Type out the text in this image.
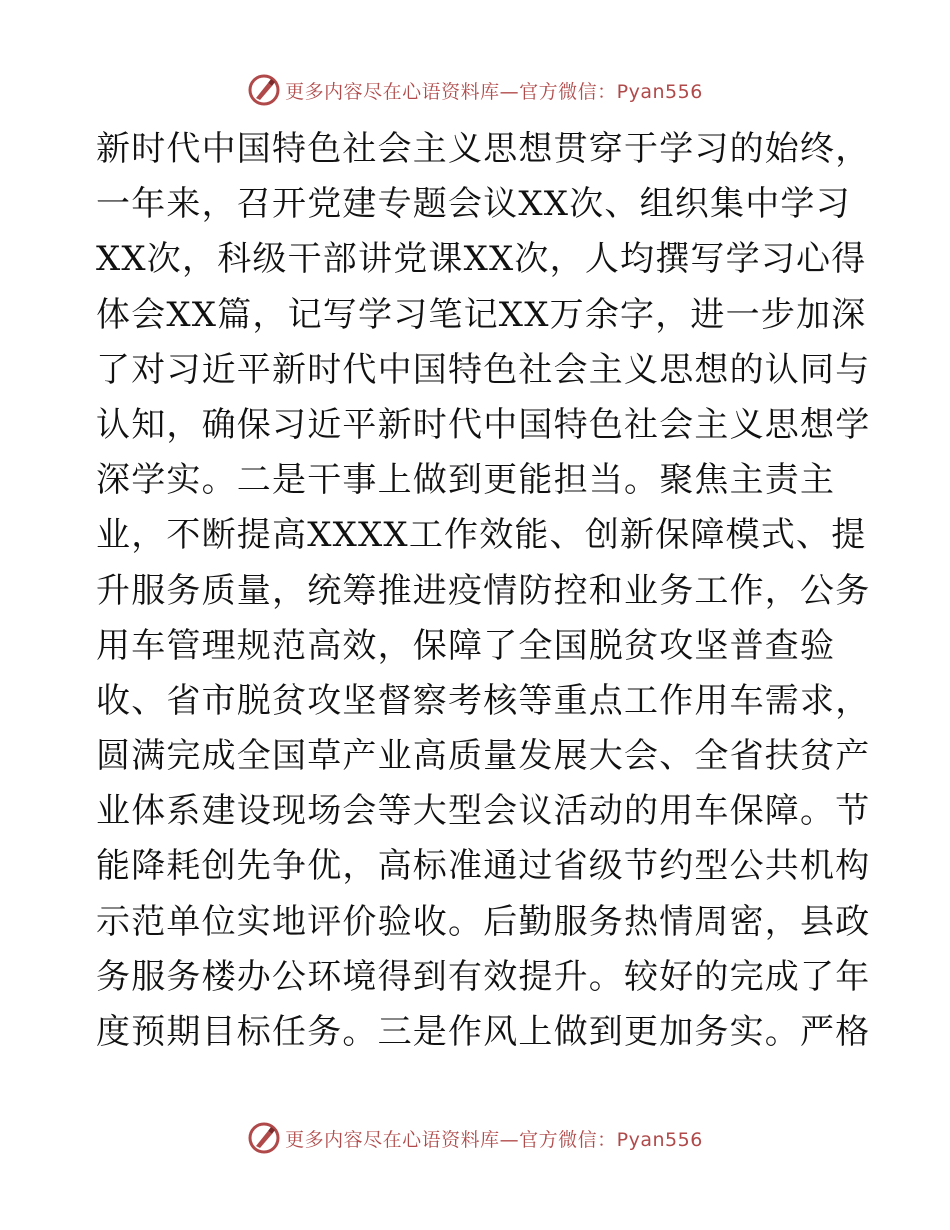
更多内容尽在心语资料库—官方微信：Pyan556
新时代中国特色社会主义思想贯穿于学习的始终，
一年来，召开党建专题会议XX次、组织集中学习
XX次，科级干部讲党课XX次，人均撰写学习心得
体会XX篇，记写学习笔记XX万余字，进一步加深
了对习近平新时代中国特色社会主义思想的认同与
认知，确保习近平新时代中国特色社会主义思想学
深学实。二是干事上做到更能担当。聚焦主责主
业，不断提高XXXX工作效能、创新保障模式、提
升服务质量，统筹推进疫情防控和业务工作，公务
用车管理规范高效，保障了全国脱贫攻坚普查验
收、省市脱贫攻坚督察考核等重点工作用车需求，
圆满完成全国草产业高质量发展大会、全省扶贫产
业体系建设现场会等大型会议活动的用车保障。节
能降耗创先争优，高标准通过省级节约型公共机构
示范单位实地评价验收。后勤服务热情周密，县政
务服务楼办公环境得到有效提升。较好的完成了年
度预期目标任务。三是作风上做到更加务实。严格
更多内容尽在心语资料库—官方微信：Pyan556
